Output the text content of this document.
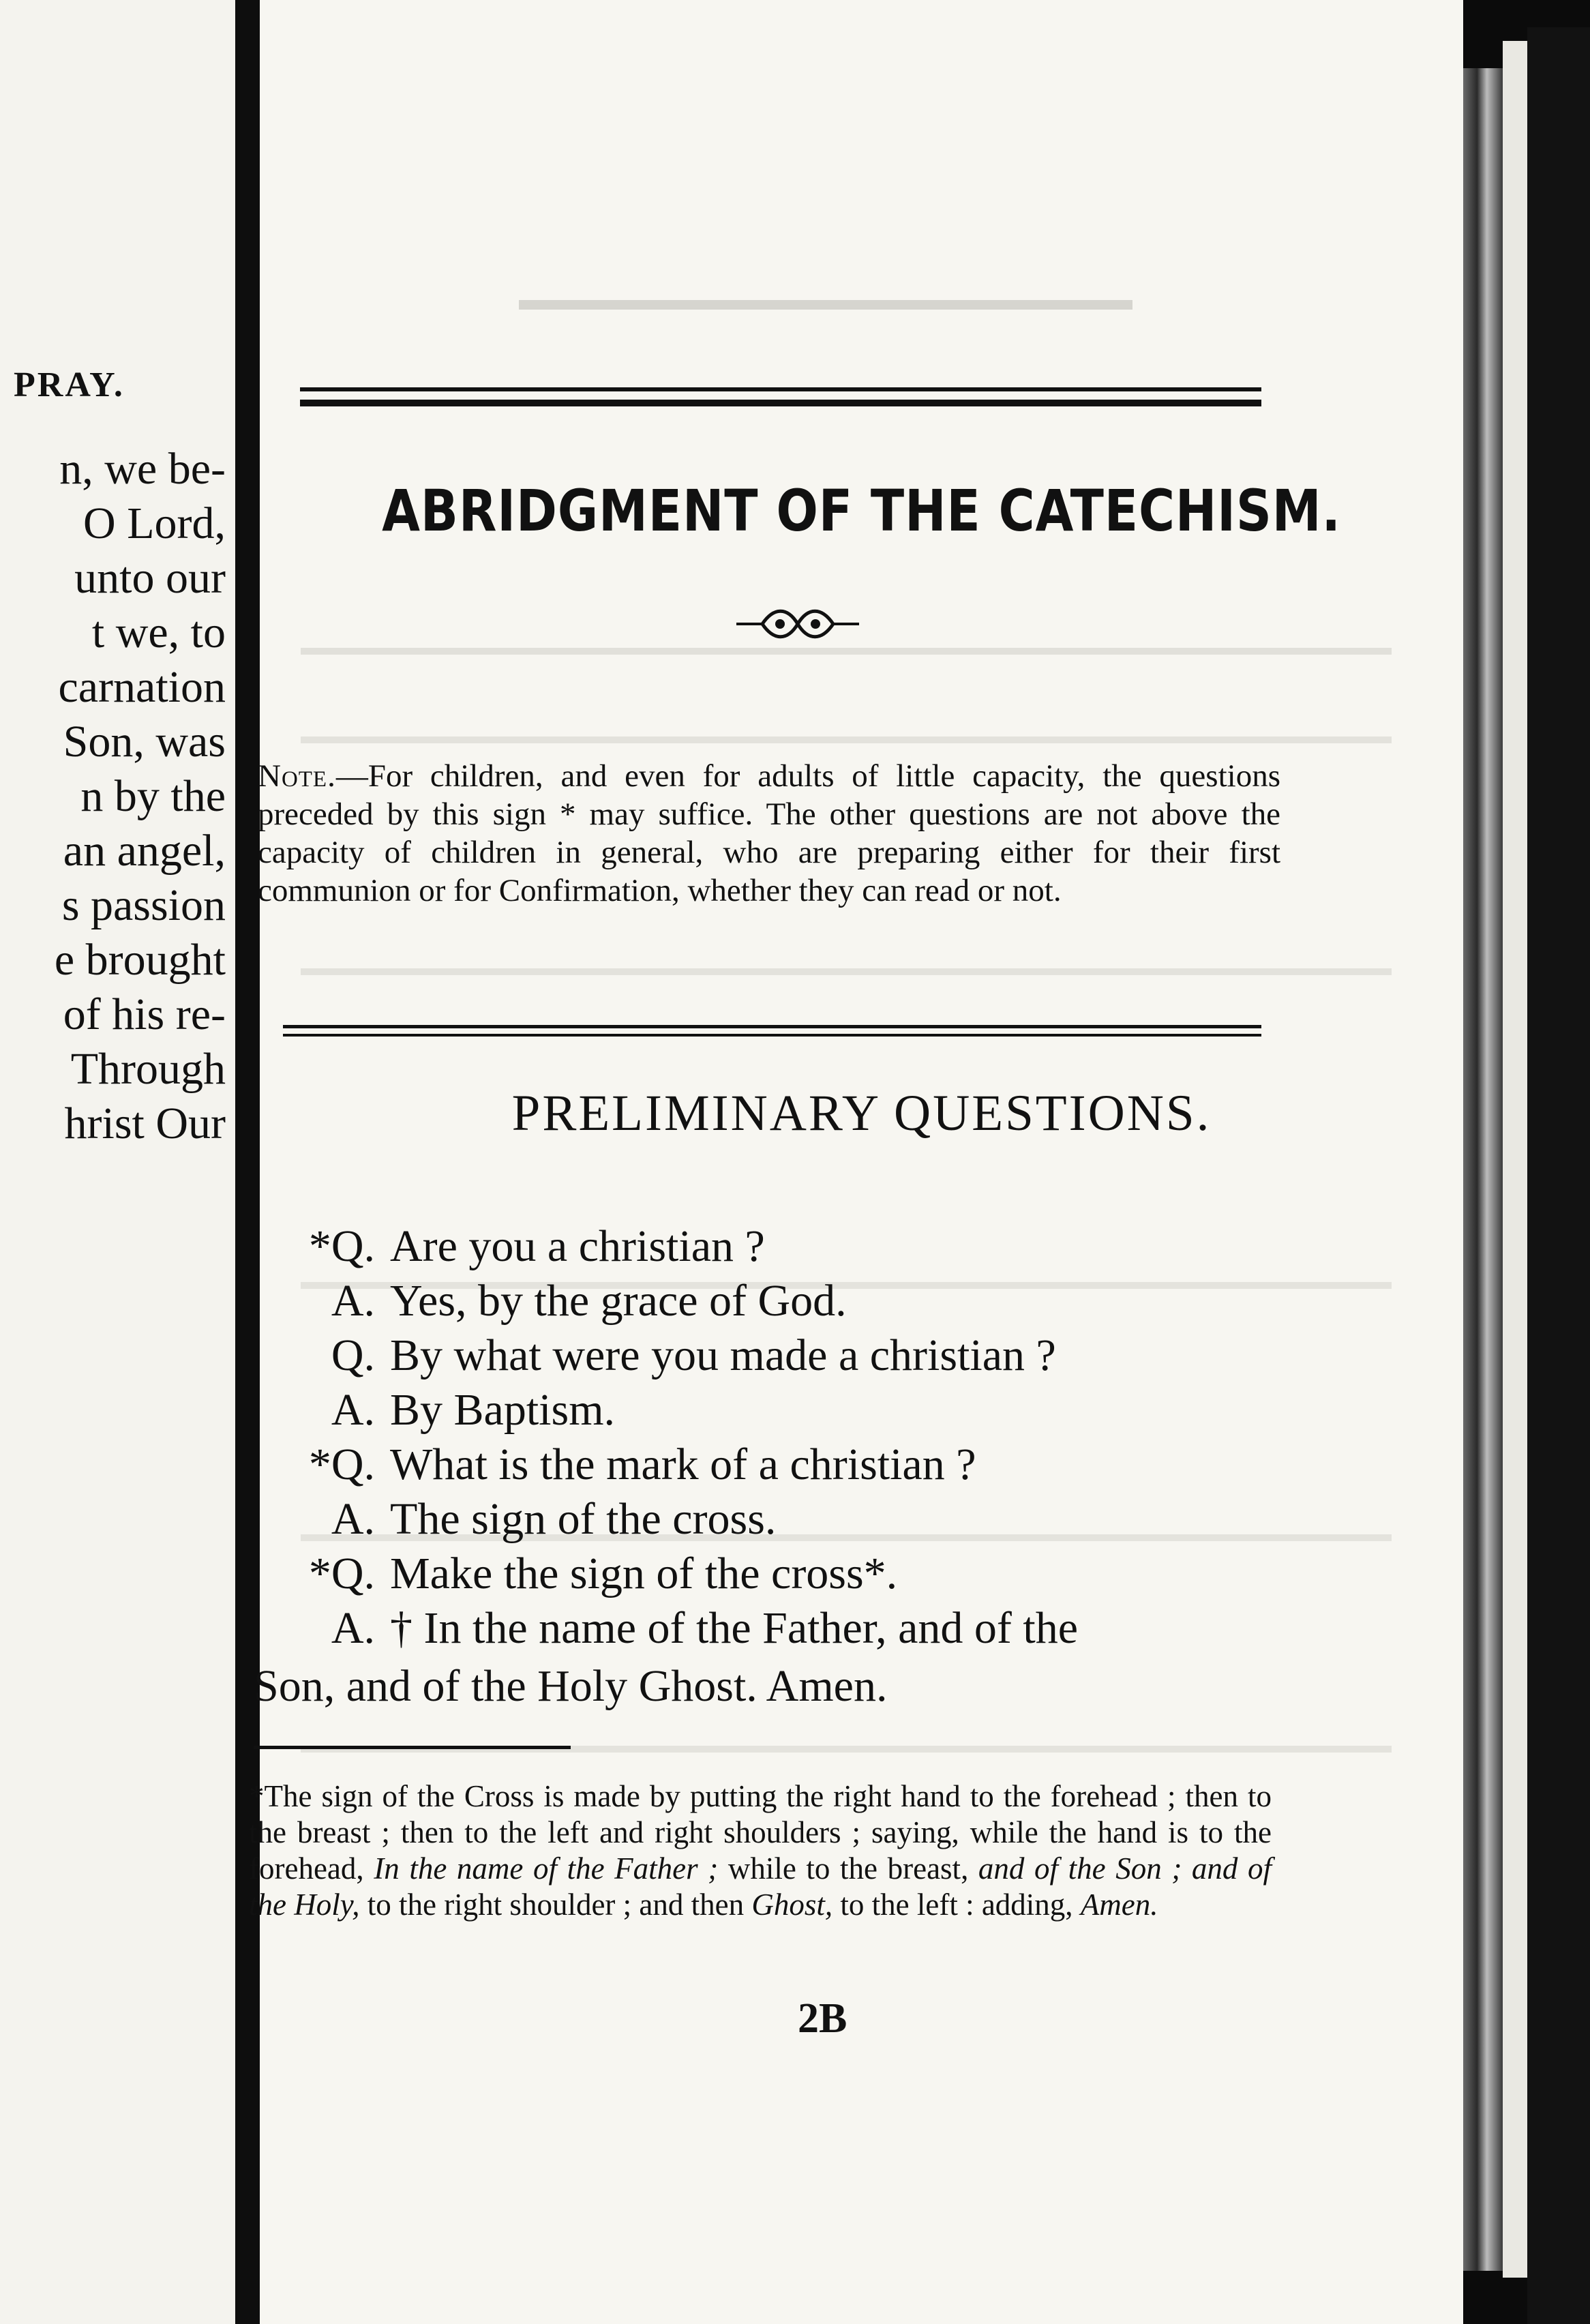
PRAY.
n, we be-
O Lord,
unto our
t we, to
carnation
Son, was
n by the
an angel,
s passion
e brought
of his re-
Through
hrist Our
ABRIDGMENT OF THE CATECHISM.
Note.—For children, and even for adults of little capacity, the questions preceded by this sign * may suffice. The other questions are not above the capacity of children in general, who are preparing either for their first communion or for Confirmation, whether they can read or not.
PRELIMINARY QUESTIONS.
*Q. Are you a christian ?
A. Yes, by the grace of God.
Q. By what were you made a christian ?
A. By Baptism.
*Q. What is the mark of a christian ?
A. The sign of the cross.
*Q. Make the sign of the cross*.
A. † In the name of the Father, and of the
Son, and of the Holy Ghost. Amen.
*The sign of the Cross is made by putting the right hand to the forehead ; then to the breast ; then to the left and right shoulders ; saying, while the hand is to the forehead, In the name of the Father ; while to the breast, and of the Son ; and of the Holy, to the right shoulder ; and then Ghost, to the left : adding, Amen.
2B
